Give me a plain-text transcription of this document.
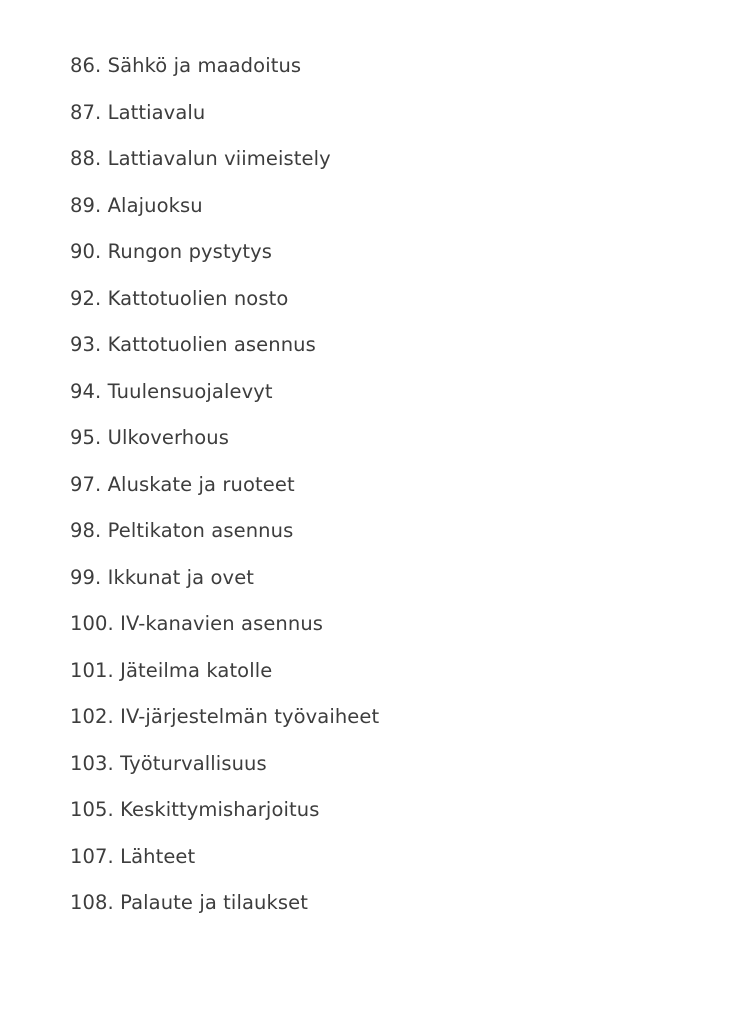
86. Sähkö ja maadoitus
87. Lattiavalu
88. Lattiavalun viimeistely
89. Alajuoksu
90. Rungon pystytys
92. Kattotuolien nosto
93. Kattotuolien asennus
94. Tuulensuojalevyt
95. Ulkoverhous
97. Aluskate ja ruoteet
98. Peltikaton asennus
99. Ikkunat ja ovet
100. IV-kanavien asennus
101. Jäteilma katolle
102. IV-järjestelmän työvaiheet
103. Työturvallisuus
105. Keskittymisharjoitus
107. Lähteet
108. Palaute ja tilaukset
